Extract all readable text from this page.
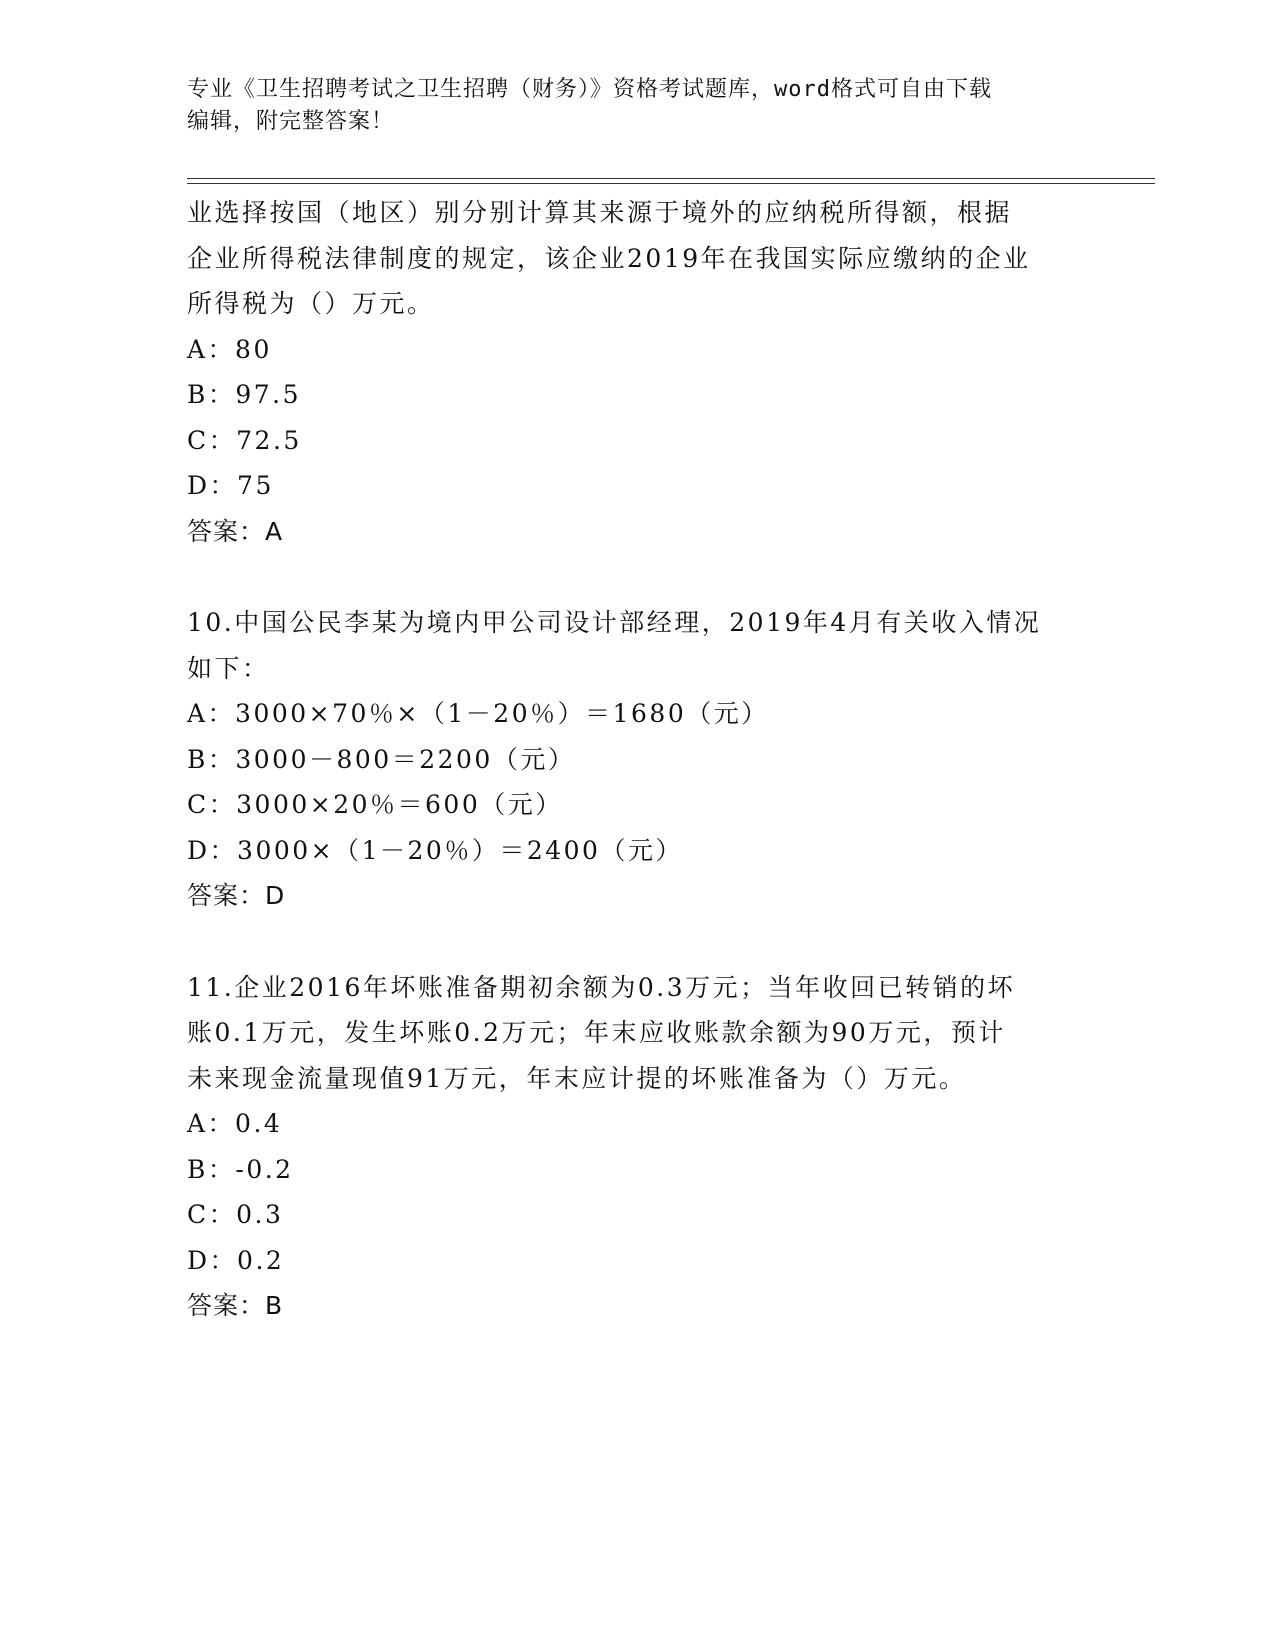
专业《卫生招聘考试之卫生招聘（财务）》资格考试题库，word格式可自由下载
编辑，附完整答案！
业选择按国（地区）别分别计算其来源于境外的应纳税所得额，根据
企业所得税法律制度的规定，该企业2019年在我国实际应缴纳的企业
所得税为（）万元。
A：80
B：97.5
C：72.5
D：75
答案：A
10.中国公民李某为境内甲公司设计部经理，2019年4月有关收入情况
如下：
A：3000×70％×（1－20％）＝1680（元）
B：3000－800＝2200（元）
C：3000×20％＝600（元）
D：3000×（1－20％）＝2400（元）
答案：D
11.企业2016年坏账准备期初余额为0.3万元；当年收回已转销的坏
账0.1万元，发生坏账0.2万元；年末应收账款余额为90万元，预计
未来现金流量现值91万元，年末应计提的坏账准备为（）万元。
A：0.4
B：-0.2
C：0.3
D：0.2
答案：B
